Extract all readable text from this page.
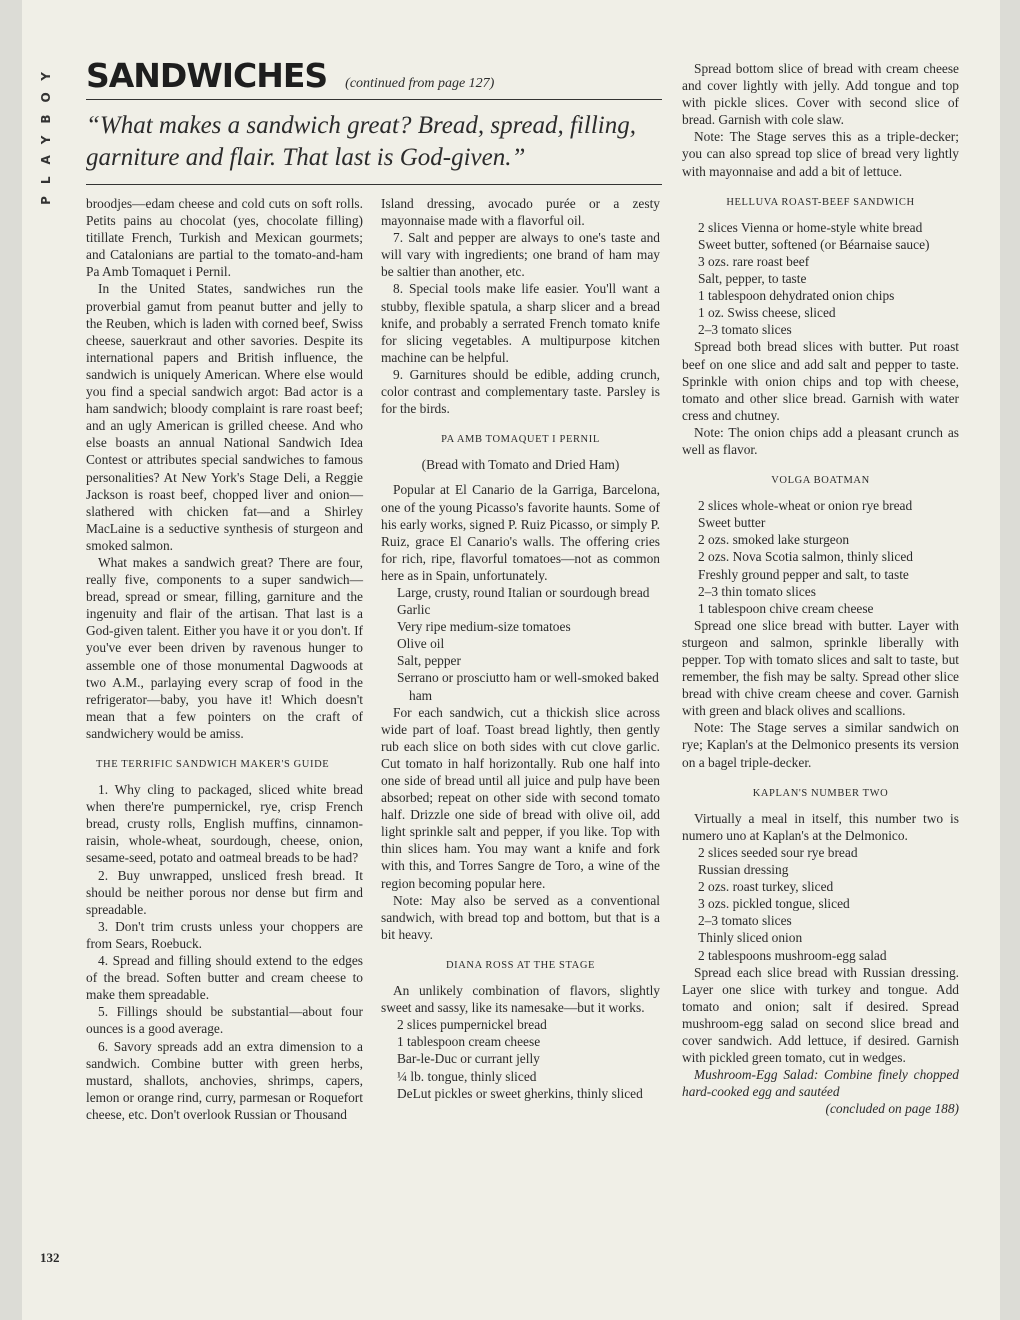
PLAYBOY SANDWICHES (continued from page 127)
“What makes a sandwich great? Bread, spread, filling, garniture and flair. That last is God-given.”

broodjes—edam cheese and cold cuts on soft rolls. Petits pains au chocolat (yes, chocolate filling) titillate French, Turkish and Mexican gourmets; and Catalonians are partial to the tomato-and-ham Pa Amb Tomaquet i Pernil.

In the United States, sandwiches run the proverbial gamut from peanut butter and jelly to the Reuben, which is laden with corned beef, Swiss cheese, sauerkraut and other savories. Despite its international papers and British influence, the sandwich is uniquely American. Where else would you find a special sandwich argot: Bad actor is a ham sandwich; bloody complaint is rare roast beef; and an ugly American is grilled cheese. And who else boasts an annual National Sandwich Idea Contest or attributes special sandwiches to famous personalities? At New York's Stage Deli, a Reggie Jackson is roast beef, chopped liver and onion—slathered with chicken fat—and a Shirley MacLaine is a seductive synthesis of sturgeon and smoked salmon.

What makes a sandwich great? There are four, really five, components to a super sandwich—bread, spread or smear, filling, garniture and the ingenuity and flair of the artisan. That last is a God-given talent. Either you have it or you don't. If you've ever been driven by ravenous hunger to assemble one of those monumental Dagwoods at two A.M., parlaying every scrap of food in the refrigerator—baby, you have it! Which doesn't mean that a few pointers on the craft of sandwichery would be amiss.

THE TERRIFIC SANDWICH MAKER'S GUIDE

1. Why cling to packaged, sliced white bread when there're pumpernickel, rye, crisp French bread, crusty rolls, English muffins, cinnamon-raisin, whole-wheat, sourdough, cheese, onion, sesame-seed, potato and oatmeal breads to be had?

2. Buy unwrapped, unsliced fresh bread. It should be neither porous nor dense but firm and spreadable.

3. Don't trim crusts unless your choppers are from Sears, Roebuck.

4. Spread and filling should extend to the edges of the bread. Soften butter and cream cheese to make them spreadable.

5. Fillings should be substantial—about four ounces is a good average.

6. Savory spreads add an extra dimension to a sandwich. Combine butter with green herbs, mustard, shallots, anchovies, shrimps, capers, lemon or orange rind, curry, parmesan or Roquefort cheese, etc. Don't overlook Russian or Thousand

Island dressing, avocado purée or a zesty mayonnaise made with a flavorful oil.

7. Salt and pepper are always to one's taste and will vary with ingredients; one brand of ham may be saltier than another, etc.

8. Special tools make life easier. You'll want a stubby, flexible spatula, a sharp slicer and a bread knife, and probably a serrated French tomato knife for slicing vegetables. A multipurpose kitchen machine can be helpful.

9. Garnitures should be edible, adding crunch, color contrast and complementary taste. Parsley is for the birds.

PA AMB TOMAQUET I PERNIL
(Bread with Tomato and Dried Ham)

Popular at El Canario de la Garriga, Barcelona, one of the young Picasso's favorite haunts. Some of his early works, signed P. Ruiz Picasso, or simply P. Ruiz, grace El Canario's walls. The offering cries for rich, ripe, flavorful tomatoes—not as common here as in Spain, unfortunately.

Large, crusty, round Italian or sourdough bread
Garlic
Very ripe medium-size tomatoes
Olive oil
Salt, pepper
Serrano or prosciutto ham or well-smoked baked ham

For each sandwich, cut a thickish slice across wide part of loaf. Toast bread lightly, then gently rub each slice on both sides with cut clove garlic. Cut tomato in half horizontally. Rub one half into one side of bread until all juice and pulp have been absorbed; repeat on other side with second tomato half. Drizzle one side of bread with olive oil, add light sprinkle salt and pepper, if you like. Top with thin slices ham. You may want a knife and fork with this, and Torres Sangre de Toro, a wine of the region becoming popular here.

Note: May also be served as a conventional sandwich, with bread top and bottom, but that is a bit heavy.

DIANA ROSS AT THE STAGE

An unlikely combination of flavors, slightly sweet and sassy, like its namesake—but it works.

2 slices pumpernickel bread
1 tablespoon cream cheese
Bar-le-Duc or currant jelly
¼ lb. tongue, thinly sliced
DeLut pickles or sweet gherkins, thinly sliced

Spread bottom slice of bread with cream cheese and cover lightly with jelly. Add tongue and top with pickle slices. Cover with second slice of bread. Garnish with cole slaw.

Note: The Stage serves this as a triple-decker; you can also spread top slice of bread very lightly with mayonnaise and add a bit of lettuce.

HELLUVA ROAST-BEEF SANDWICH
2 slices Vienna or home-style white bread
Sweet butter, softened (or Béarnaise sauce)
3 ozs. rare roast beef
Salt, pepper, to taste
1 tablespoon dehydrated onion chips
1 oz. Swiss cheese, sliced
2–3 tomato slices

Spread both bread slices with butter. Put roast beef on one slice and add salt and pepper to taste. Sprinkle with onion chips and top with cheese, tomato and other slice bread. Garnish with water cress and chutney.

Note: The onion chips add a pleasant crunch as well as flavor.

VOLGA BOATMAN
2 slices whole-wheat or onion rye bread
Sweet butter
2 ozs. smoked lake sturgeon
2 ozs. Nova Scotia salmon, thinly sliced
Freshly ground pepper and salt, to taste
2–3 thin tomato slices
1 tablespoon chive cream cheese

Spread one slice bread with butter. Layer with sturgeon and salmon, sprinkle liberally with pepper. Top with tomato slices and salt to taste, but remember, the fish may be salty. Spread other slice bread with chive cream cheese and cover. Garnish with green and black olives and scallions.

Note: The Stage serves a similar sandwich on rye; Kaplan's at the Delmonico presents its version on a bagel triple-decker.

KAPLAN'S NUMBER TWO

Virtually a meal in itself, this number two is numero uno at Kaplan's at the Delmonico.

2 slices seeded sour rye bread
Russian dressing
2 ozs. roast turkey, sliced
3 ozs. pickled tongue, sliced
2–3 tomato slices
Thinly sliced onion
2 tablespoons mushroom-egg salad

Spread each slice bread with Russian dressing. Layer one slice with turkey and tongue. Add tomato and onion; salt if desired. Spread mushroom-egg salad on second slice bread and cover sandwich. Add lettuce, if desired. Garnish with pickled green tomato, cut in wedges.

Mushroom-Egg Salad: Combine finely chopped hard-cooked egg and sautéed

(concluded on page 188)
132
